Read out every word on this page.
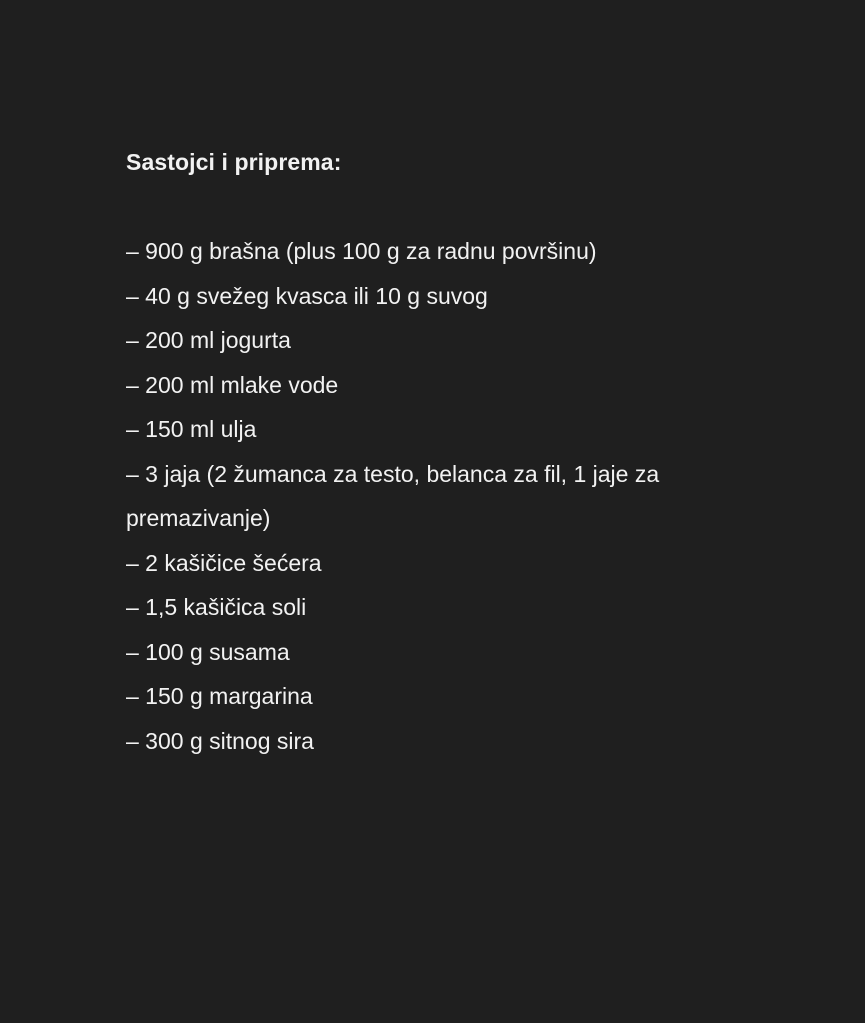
Sastojci i priprema:
– 900 g brašna (plus 100 g za radnu površinu)
– 40 g svežeg kvasca ili 10 g suvog
– 200 ml jogurta
– 200 ml mlake vode
– 150 ml ulja
– 3 jaja (2 žumanca za testo, belanca za fil, 1 jaje za premazivanje)
– 2 kašičice šećera
– 1,5 kašičica soli
– 100 g susama
– 150 g margarina
– 300 g sitnog sira
